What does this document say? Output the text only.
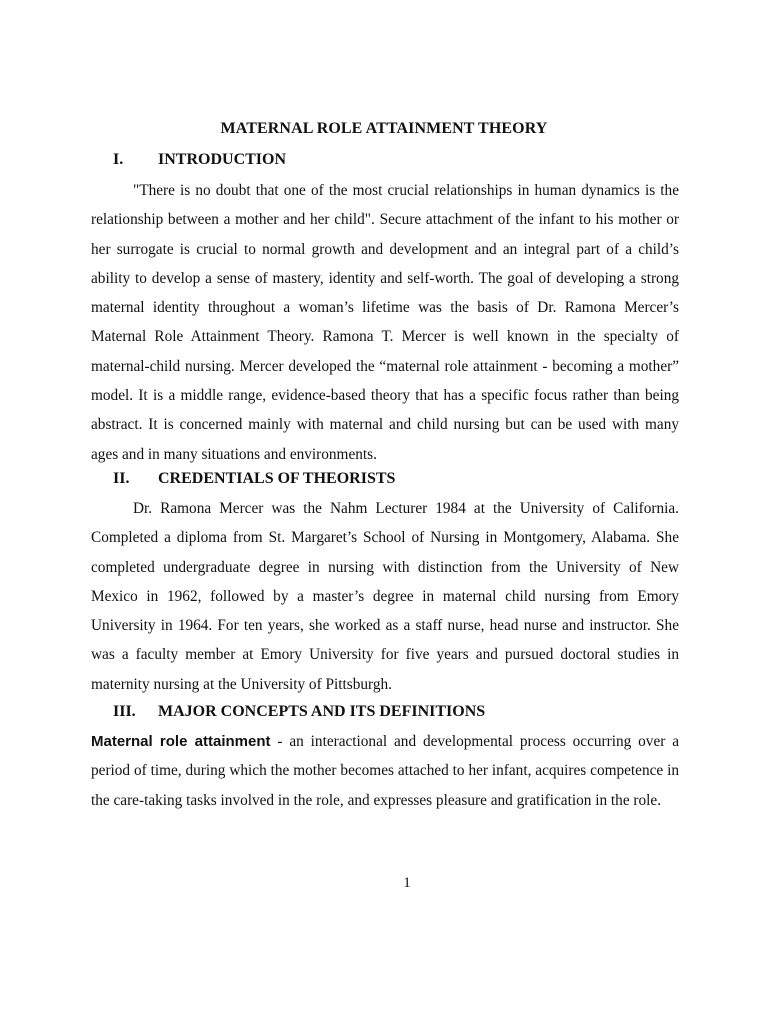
MATERNAL ROLE ATTAINMENT THEORY
I. INTRODUCTION

"There is no doubt that one of the most crucial relationships in human dynamics is the relationship between a mother and her child". Secure attachment of the infant to his mother or her surrogate is crucial to normal growth and development and an integral part of a child’s ability to develop a sense of mastery, identity and self-worth. The goal of developing a strong maternal identity throughout a woman’s lifetime was the basis of Dr. Ramona Mercer’s Maternal Role Attainment Theory. Ramona T. Mercer is well known in the specialty of maternal-child nursing. Mercer developed the “maternal role attainment - becoming a mother” model. It is a middle range, evidence-based theory that has a specific focus rather than being abstract. It is concerned mainly with maternal and child nursing but can be used with many ages and in many situations and environments.

II. CREDENTIALS OF THEORISTS

Dr. Ramona Mercer was the Nahm Lecturer 1984 at the University of California. Completed a diploma from St. Margaret’s School of Nursing in Montgomery, Alabama. She completed undergraduate degree in nursing with distinction from the University of New Mexico in 1962, followed by a master’s degree in maternal child nursing from Emory University in 1964. For ten years, she worked as a staff nurse, head nurse and instructor. She was a faculty member at Emory University for five years and pursued doctoral studies in maternity nursing at the University of Pittsburgh.

III. MAJOR CONCEPTS AND ITS DEFINITIONS

Maternal role attainment - an interactional and developmental process occurring over a period of time, during which the mother becomes attached to her infant, acquires competence in the care-taking tasks involved in the role, and expresses pleasure and gratification in the role.

1
